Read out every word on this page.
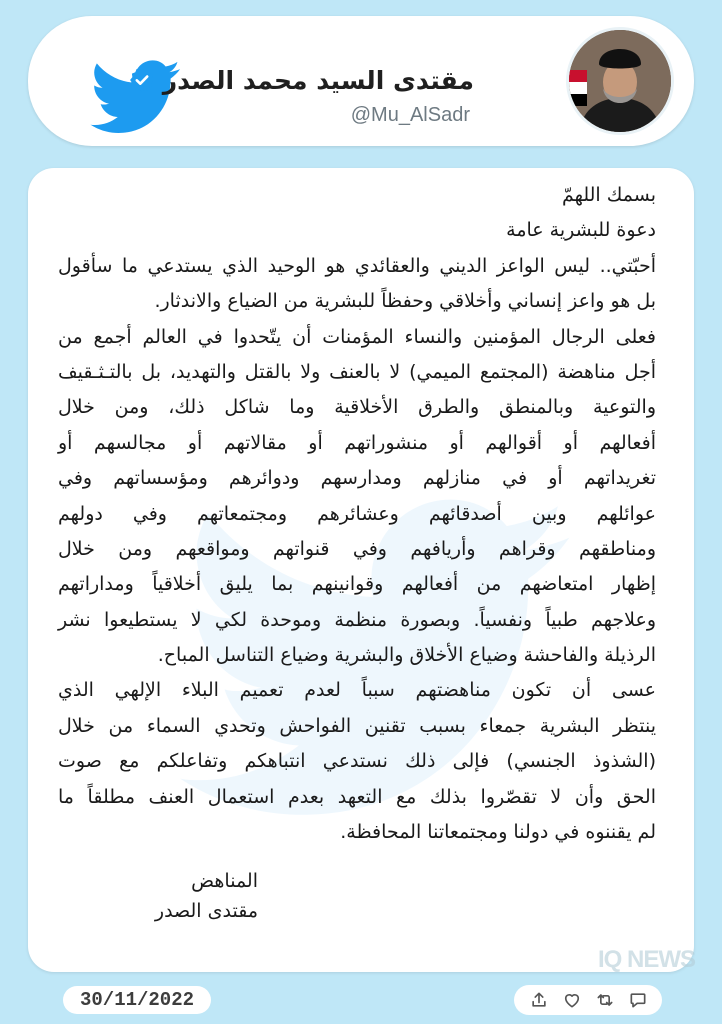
مقتدى السيد محمد الصدر
@Mu_AlSadr
بسمك اللهمّ
دعوة للبشرية عامة
أحبّتي.. ليس الواعز الديني والعقائدي هو الوحيد الذي يستدعي ما سأقول
بل هو واعز إنساني وأخلاقي وحفظاً للبشرية من الضياع والاندثار.
فعلى الرجال المؤمنين والنساء المؤمنات أن يتّحدوا في العالم أجمع من
أجل مناهضة (المجتمع الميمي) لا بالعنف ولا بالقتل والتهديد، بل بالتـثـقيف
والتوعية وبالمنطق والطرق الأخلاقية وما شاكل ذلك، ومن خلال
أفعالهم أو أقوالهم أو منشوراتهم أو مقالاتهم أو مجالسهم أو
تغريداتهم أو في منازلهم ومدارسهم ودوائرهم ومؤسساتهم وفي
عوائلهم وبين أصدقائهم وعشائرهم ومجتمعاتهم وفي دولهم
ومناطقهم وقراهم وأريافهم وفي قنواتهم ومواقعهم ومن خلال
إظهار امتعاضهم من أفعالهم وقوانينهم بما يليق أخلاقياً ومداراتهم
وعلاجهم طبياً ونفسياً. وبصورة منظمة وموحدة لكي لا يستطيعوا نشر
الرذيلة والفاحشة وضياع الأخلاق والبشرية وضياع التناسل المباح.
عسى أن تكون مناهضتهم سبباً لعدم تعميم البلاء الإلهي الذي
ينتظر البشرية جمعاء بسبب تقنين الفواحش وتحدي السماء من خلال
(الشذوذ الجنسي) فإلى ذلك نستدعي انتباهكم وتفاعلكم مع صوت
الحق وأن لا تقصّروا بذلك مع التعهد بعدم استعمال العنف مطلقاً ما
لم يقننوه في دولنا ومجتمعاتنا المحافظة.
المناهض
مقتدى الصدر
IQ NEWS
30/11/2022
